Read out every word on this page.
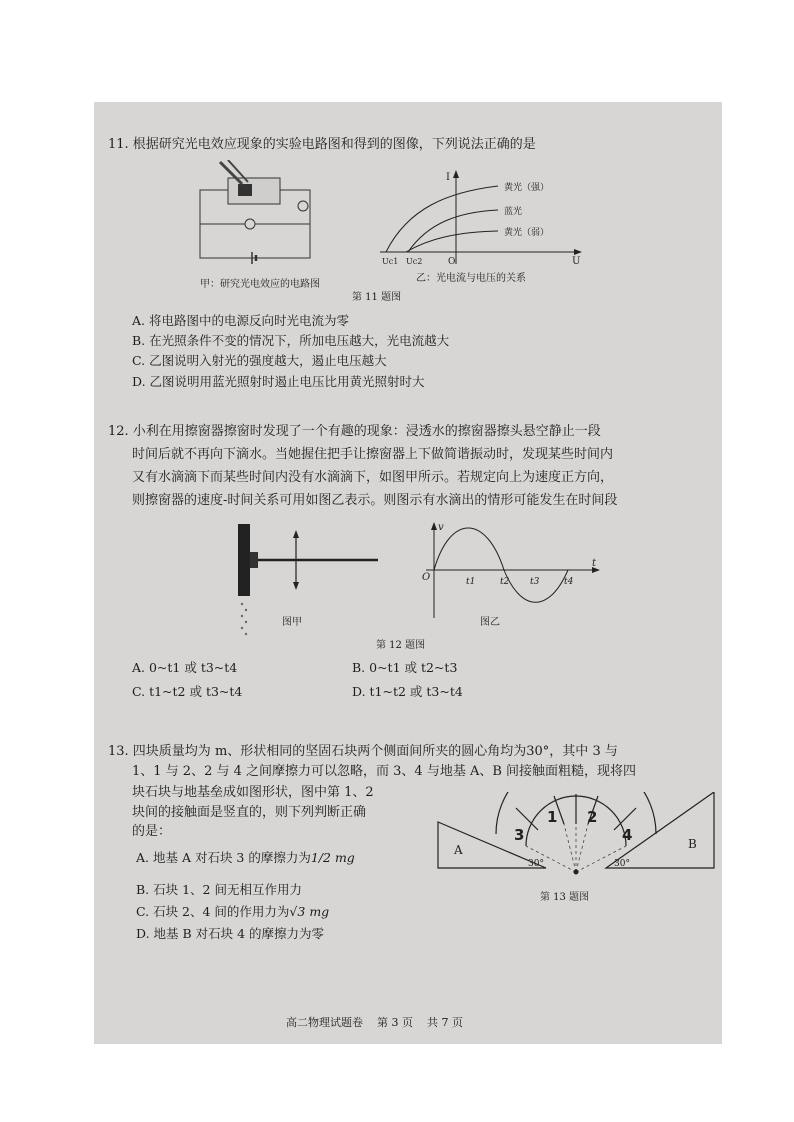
11. 根据研究光电效应现象的实验电路图和得到的图像，下列说法正确的是
甲：研究光电效应的电路图
I
U
O
Uc1 Uc2
黄光（强）
蓝光
黄光（弱）
乙：光电流与电压的关系
第 11 题图
A. 将电路图中的电源反向时光电流为零
B. 在光照条件不变的情况下，所加电压越大，光电流越大
C. 乙图说明入射光的强度越大，遏止电压越大
D. 乙图说明用蓝光照射时遏止电压比用黄光照射时大
12. 小利在用擦窗器擦窗时发现了一个有趣的现象：浸透水的擦窗器擦头悬空静止一段
时间后就不再向下滴水。当她握住把手让擦窗器上下做简谐振动时，发现某些时间内
又有水滴滴下而某些时间内没有水滴滴下，如图甲所示。若规定向上为速度正方向，
则擦窗器的速度-时间关系可用如图乙表示。则图示有水滴出的情形可能发生在时间段
图甲
v
t
O	t1	t2 t3	t4
图乙
第 12 题图
A. 0~t1 或 t3~t4	B. 0~t1 或 t2~t3
C. t1~t2 或 t3~t4	D. t1~t2 或 t3~t4
13. 四块质量均为 m、形状相同的坚固石块两个侧面间所夹的圆心角均为30°，其中 3 与
1、1 与 2、2 与 4 之间摩擦力可以忽略，而 3、4 与地基 A、B 间接触面粗糙，现将四
块石块与地基垒成如图形状，图中第 1、2
块间的接触面是竖直的，则下列判断正确
的是：
A. 地基 A 对石块 3 的摩擦力为1/2 mg
B. 石块 1、2 间无相互作用力
C. 石块 2、4 间的作用力为√3 mg
D. 地基 B 对石块 4 的摩擦力为零
A	B
3
1 2
4
30°	30°
第 13 题图
高二物理试题卷    第 3 页    共 7 页
